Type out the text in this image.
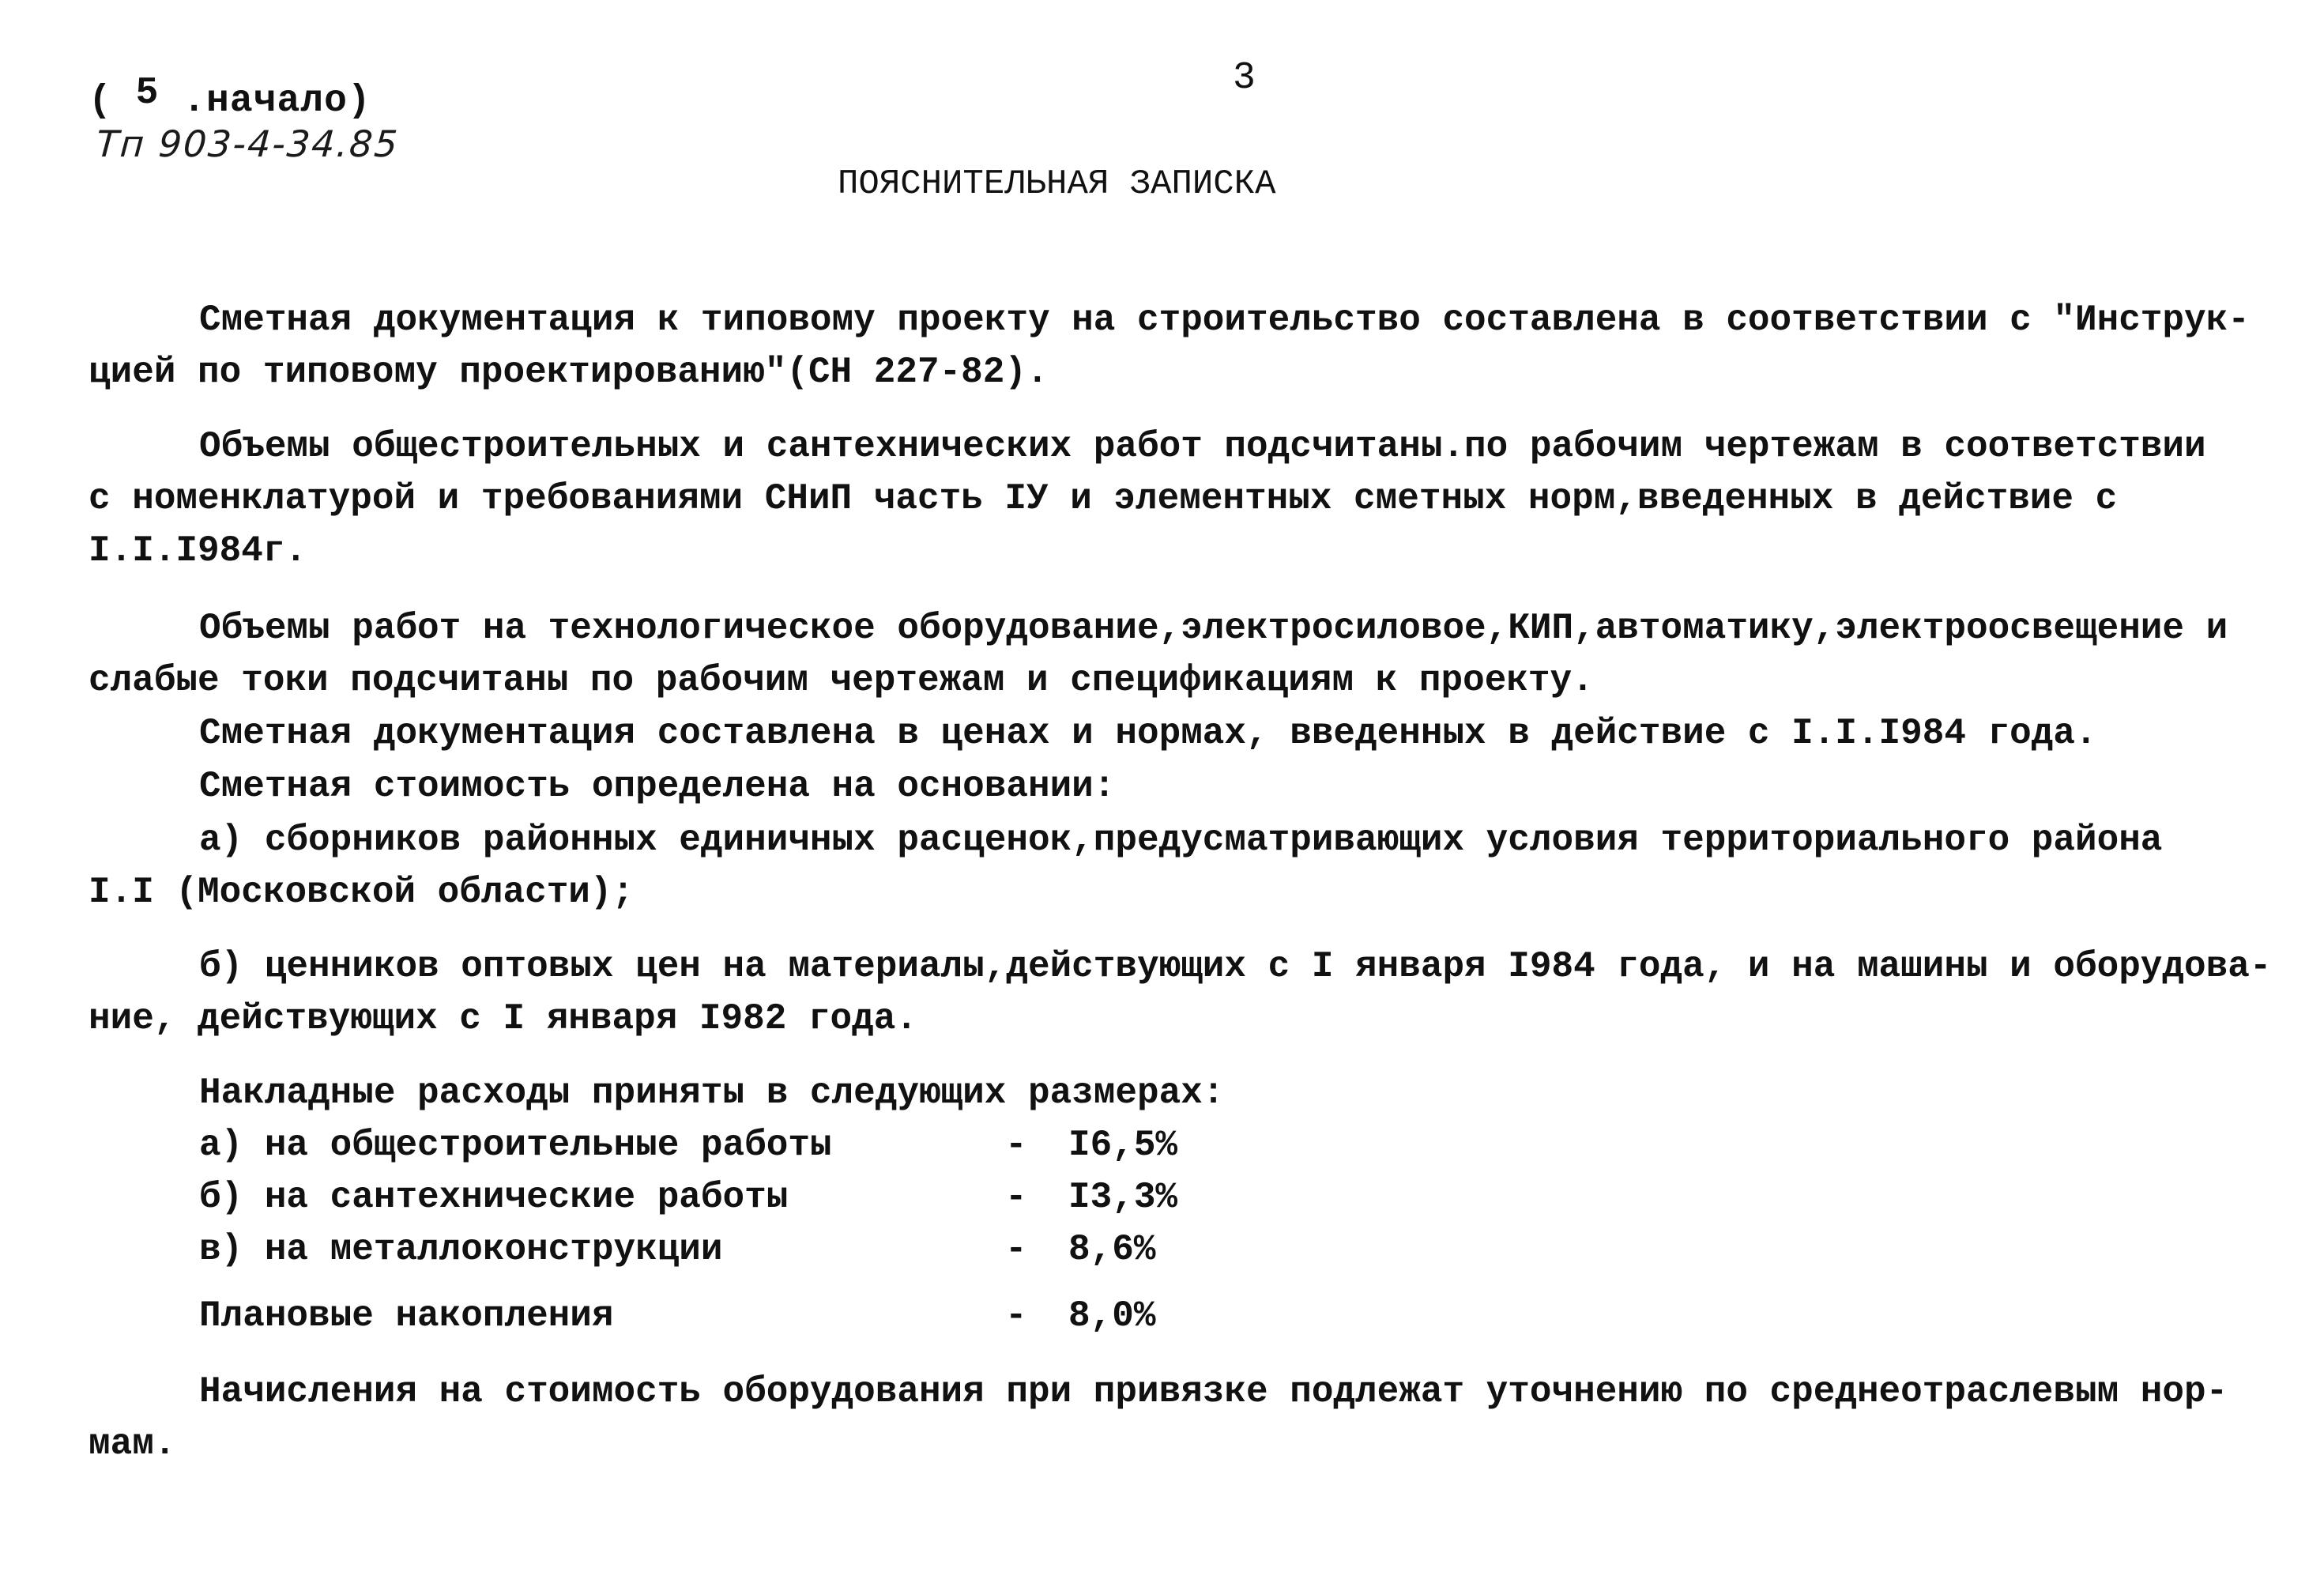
( 5 .начало)
Тп 903-4-34.85
3
ПОЯСНИТЕЛЬНАЯ ЗАПИСКА
Сметная документация к типовому проекту на строительство составлена в соответствии с "Инструк-
цией по типовому проектированию"(СН 227-82).
Объемы общестроительных и сантехнических работ подсчитаны.по рабочим чертежам в соответствии
с номенклатурой и требованиями СНиП часть IУ и элементных сметных норм,введенных в действие с
I.I.I984г.
Объемы работ на технологическое оборудование,электросиловое,КИП,автоматику,электроосвещение и
слабые токи подсчитаны по рабочим чертежам и спецификациям к проекту.
Сметная документация составлена в ценах и нормах, введенных в действие с I.I.I984 года.
Сметная стоимость определена на основании:
а) сборников районных единичных расценок,предусматривающих условия территориального района
I.I (Московской области);
б) ценников оптовых цен на материалы,действующих с I января I984 года, и на машины и оборудова-
ние, действующих с I января I982 года.
Накладные расходы приняты в следующих размерах:
а) на общестроительные работы	-	I6,5%
б) на сантехнические работы	-	I3,3%
в) на металлоконструкции	-	8,6%
Плановые накопления	-	8,0%
Начисления на стоимость оборудования при привязке подлежат уточнению по среднеотраслевым нор-
мам.
